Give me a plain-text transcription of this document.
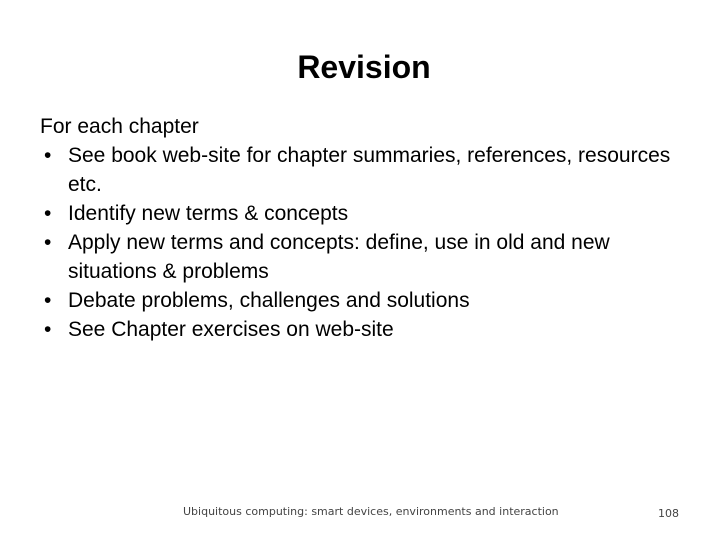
Revision

For each chapter

• See book web-site for chapter summaries, references, resources etc.
• Identify new terms & concepts
• Apply new terms and concepts: define, use in old and new situations & problems
• Debate problems, challenges and solutions
• See Chapter exercises on web-site
Ubiquitous computing: smart devices, environments and interaction	108
